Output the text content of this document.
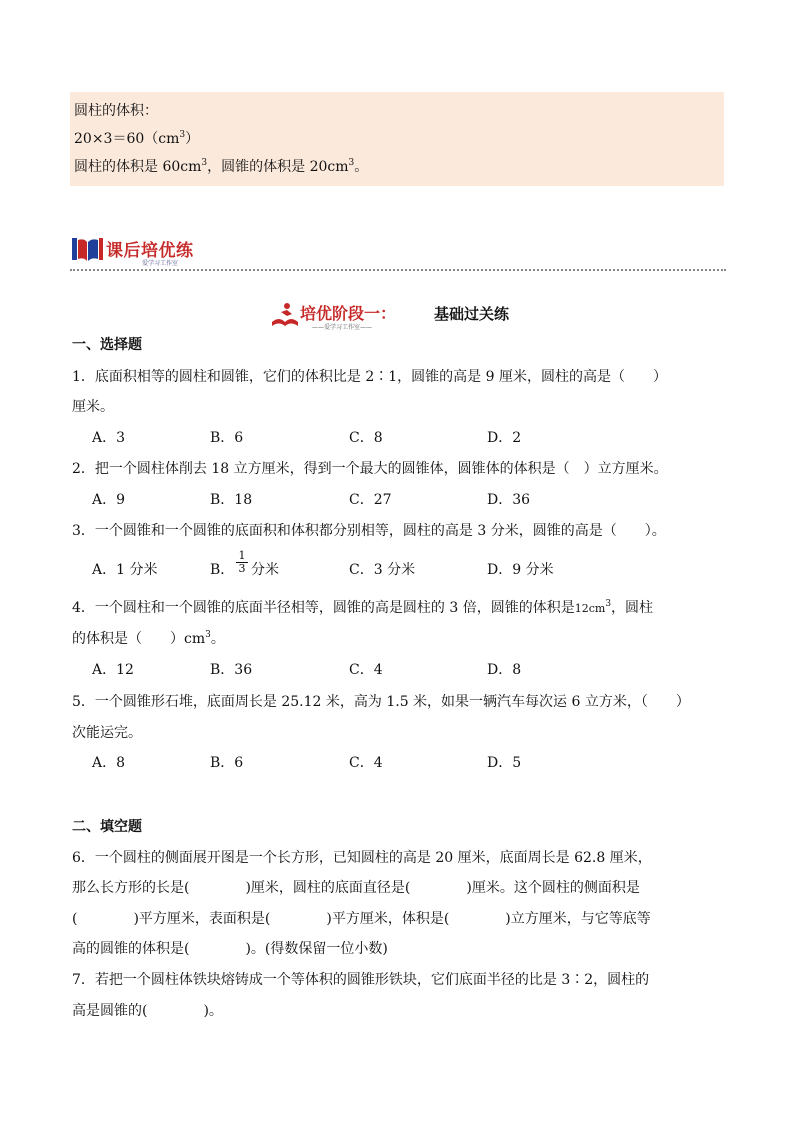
圆柱的体积：
$20\times 3=60(cm^3)$
圆柱的体积是 $60cm^3$，圆锥的体积是 $20cm^3$。
课后培优练
爱学习工作室
培优阶段一：
——爱学习工作室——
基础过关练
一、选择题
1．底面积相等的圆柱和圆锥，它们的体积比是 2∶1，圆锥的高是 9 厘米，圆柱的高是（　　）
厘米。
A．3	B．6	C．8	D．2
2．把一个圆柱体削去 18 立方厘米，得到一个最大的圆锥体，圆锥体的体积是（　）立方厘米。
A．9	B．18	C．27	D．36
3．一个圆锥和一个圆锥的底面积和体积都分别相等，圆柱的高是 3 分米，圆锥的高是（　　）。
A．1 分米	B． $\frac{1}{3}$ 分米	C．3 分米	D．9 分米
4．一个圆柱和一个圆锥的底面半径相等，圆锥的高是圆柱的 3 倍，圆锥的体积是$12cm^3$，圆柱
的体积是（　　）$cm^3$。
A．12	B．36	C．4	D．8
5．一个圆锥形石堆，底面周长是 25.12 米，高为 1.5 米，如果一辆汽车每次运 6 立方米，（　　）
次能运完。
A．8	B．6	C．4	D．5
二、填空题
6．一个圆柱的侧面展开图是一个长方形，已知圆柱的高是 20 厘米，底面周长是 62.8 厘米，
那么长方形的长是(　　　　)厘米，圆柱的底面直径是(　　　　)厘米。这个圆柱的侧面积是
(　　　　)平方厘米，表面积是(　　　　)平方厘米，体积是(　　　　)立方厘米，与它等底等
高的圆锥的体积是(　　　　)。(得数保留一位小数)
7．若把一个圆柱体铁块熔铸成一个等体积的圆锥形铁块，它们底面半径的比是 3∶2，圆柱的
高是圆锥的(　　　　)。
